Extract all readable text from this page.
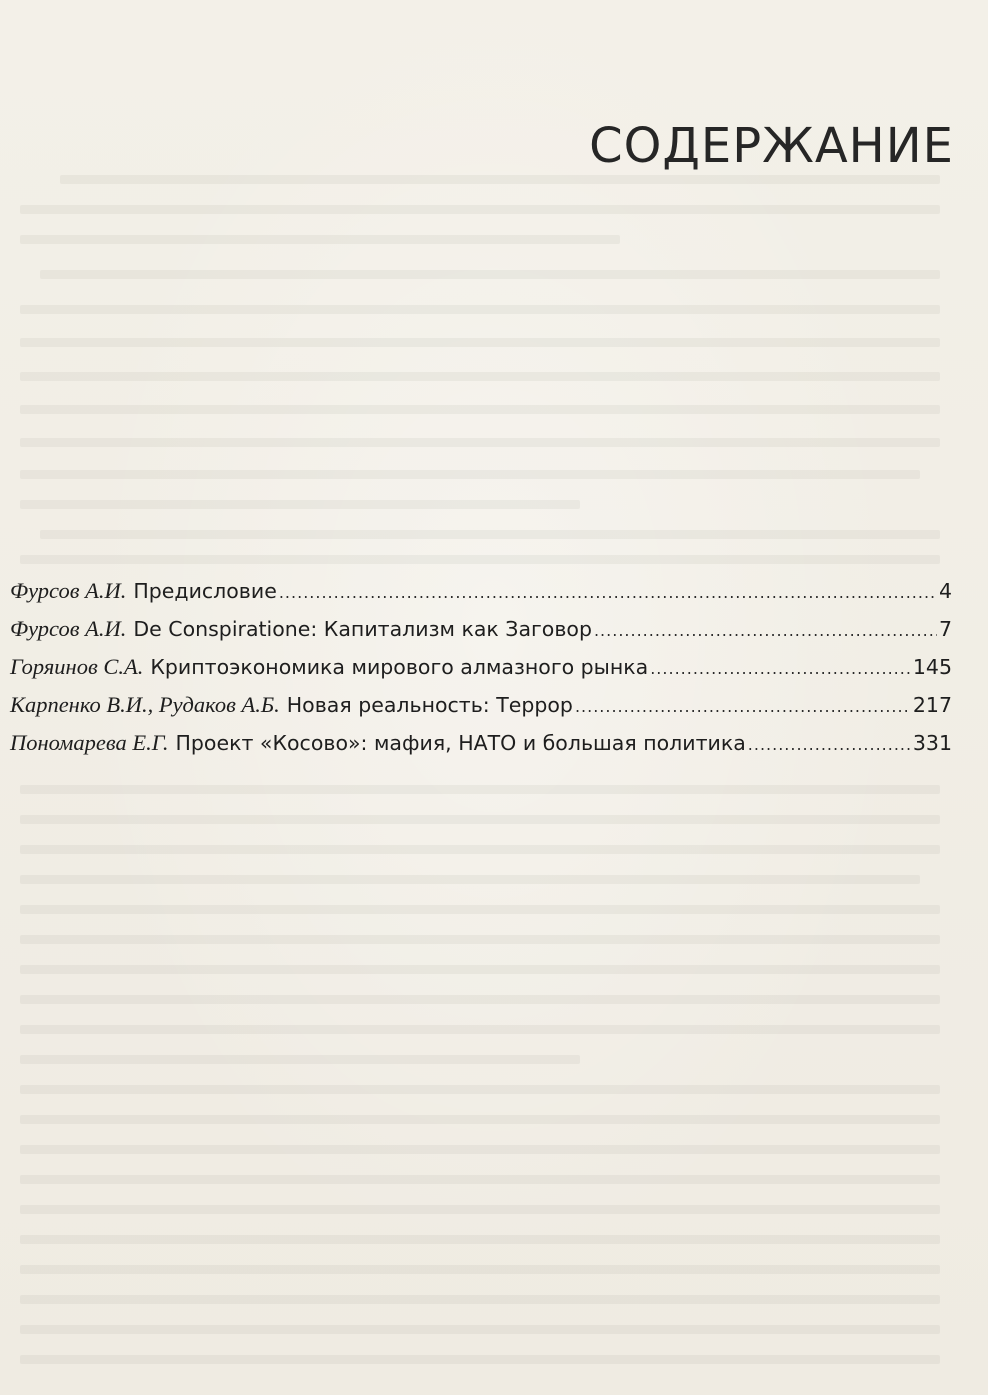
СОДЕРЖАНИЕ
Фурсов А.И. Предисловие .....	4
Фурсов А.И. De Conspiratione: Капитализм как Заговор .....	7
Горяинов С.А. Криптоэкономика мирового алмазного рынка .....	145
Карпенко В.И., Рудаков А.Б. Новая реальность: Террор .....	217
Пономарева Е.Г. Проект «Косово»: мафия, НАТО и большая политика .....	331
